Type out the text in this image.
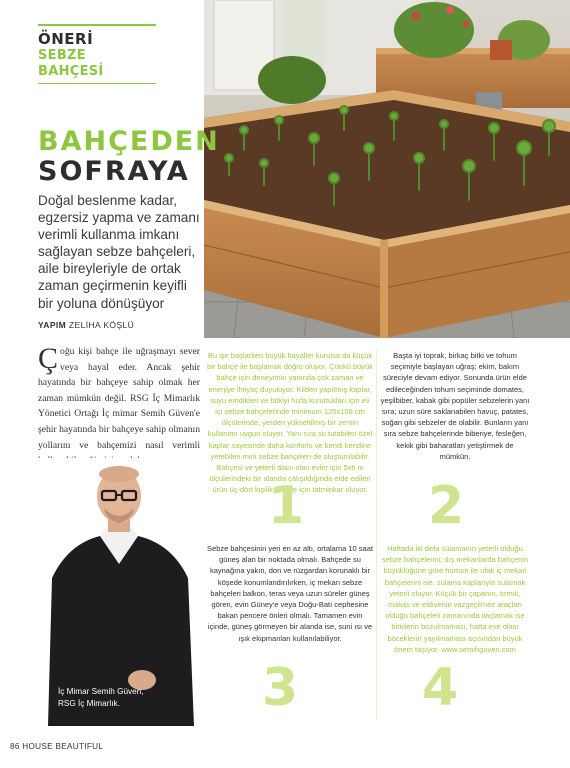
ÖNERİ
SEBZE BAHÇESİ
BAHÇEDEN
SOFRAYA
Doğal beslenme kadar, egzersiz yapma ve zamanı verimli kullanma imkanı sağlayan sebze bahçeleri, aile bireyleriyle de ortak zaman geçirmenin keyifli bir yoluna dönüşüyor
YAPIM ZELİHA KÖŞLÜ
Çoğu kişi bahçe ile uğraşmayı sever veya hayal eder. Ancak şehir hayatında bir bahçeye sahip olmak her zaman mümkün değil. RSG İç Mimarlık Yönetici Ortağı İç mimar Semih Güven'e şehir hayatında bir bahçeye sahip olmanın yollarını ve bahçemizi nasıl verimli
İç Mimar Semih Güven,
RSG İç Mimarlık.

Bu işe başlarken büyük hayaller kurulsa da küçük bir bahçe ile başlamak doğru oluyor. Çünkü büyük bahçe için deneyimin yanında çok zaman ve enerjiye ihtiyaç duyuluyor. Kilden yapılmış kaplar, suyu emdikleri ve bitkiyi hızla kuruttukları için ev içi sebze bahçelerinde minimum 120x108 cm ölçülerinde, yerden yükseltilmiş bir zemin kullanımı uygun oluyor. Yanı sıra su tutabilen özel kaplar sayesinde daha konforlu ve kendi kendine yetebilen mini sebze bahçeleri de oluşturulabilir. Bahçesi ve yeterli alanı olan evler için 5x6 m ölçülerindeki bir alanda çalışıldığında elde edilen ürün üç-dört kişilik bir aile için tatminkar oluyor.

1

Başta iyi toprak, birkaç bitki ve tohum seçimiyle başlayan uğraş; ekim, bakım süreciyle devam ediyor. Sonunda ürün elde edileceğinden tohum seçiminde domates, yeşilbiber, kabak gibi popüler sebzelerin yanı sıra; uzun süre saklanabilen havuç, patates, soğan gibi sebzeler de olabilir. Bunların yanı sıra sebze bahçelerinde biberiye, fesleğen, kekik gibi baharatları yetiştirmek de mümkün.

2

Sebze bahçesinin yeri en az altı, ortalama 10 saat güneş alan bir noktada olmalı. Bahçede su kaynağına yakın, don ve rüzgardan korunaklı bir köşede konumlandırılırken, iç mekan sebze bahçeleri balkon, teras veya uzun süreler güneş gören, evin Güney'e veya Doğu-Batı cephesine bakan pencere önleri olmalı. Tamamen evin içinde, güneş görmeyen bir alanda ise, suni ısı ve ışık ekipmanları kullanılabiliyor.

3

Haftada iki defa sulamanın yeterli olduğu sebze bahçelerini; dış mekanlarda bahçenin büyüklüğüne göre hortum ile ufak iç mekan bahçelerini ise, sulama kaplarıyla sulamak yeterli oluyor. Küçük bir çapanın, tırmık, makas ve eldivenin vazgeçilmez araçları olduğu bahçeleri zamanında ilaçlamak ise bitkilerin bozulmaması, hatta eve olası böceklerin yayılmaması açısından büyük önem taşıyor. www.semihguven.com

4
86 HOUSE BEAUTIFUL
